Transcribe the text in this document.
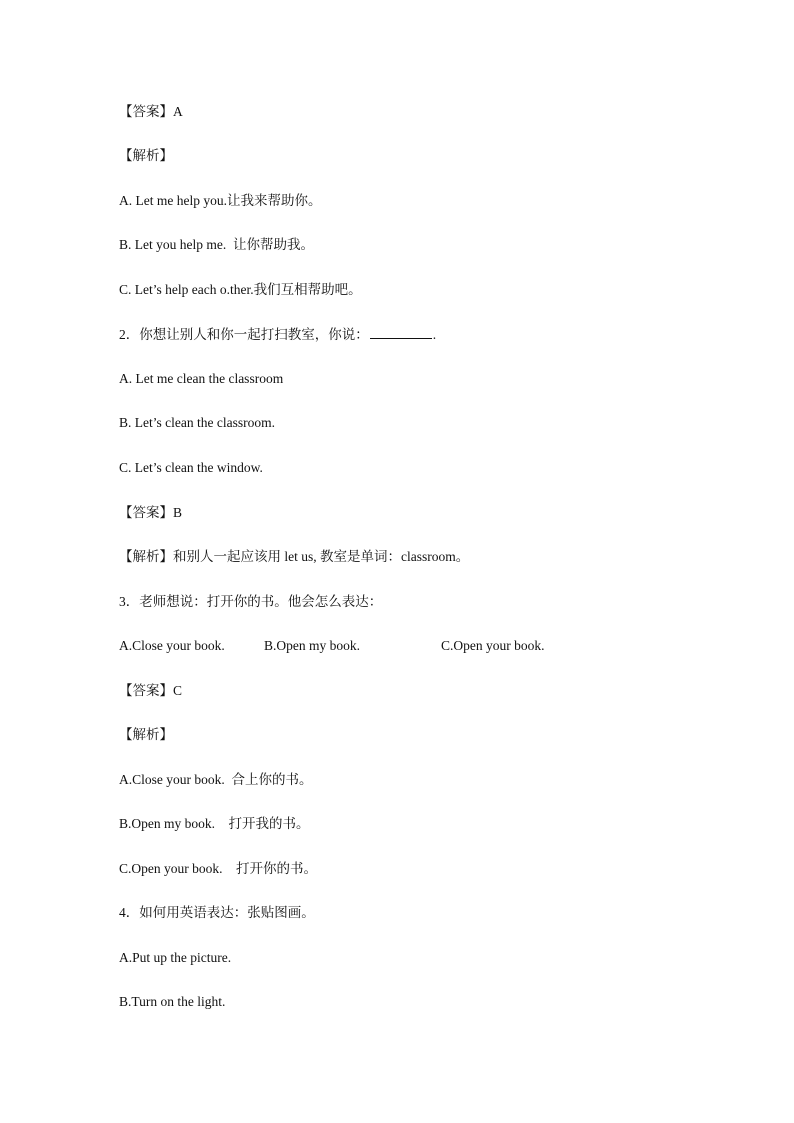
【答案】A
【解析】
A. Let me help you.让我来帮助你。
B. Let you help me.  让你帮助我。
C. Let’s help each o.ther.我们互相帮助吧。
2．你想让别人和你一起打扫教室，你说：	.
A. Let me clean the classroom
B. Let’s clean the classroom.
C. Let’s clean the window.
【答案】B
【解析】和别人一起应该用 let us, 教室是单词：classroom。
3．老师想说：打开你的书。他会怎么表达：
A.Close your book.	B.Open my book.	C.Open your book.
【答案】C
【解析】
A.Close your book.  合上你的书。
B.Open my book.    打开我的书。
C.Open your book.    打开你的书。
4．如何用英语表达：张贴图画。
A.Put up the picture.
B.Turn on the light.
